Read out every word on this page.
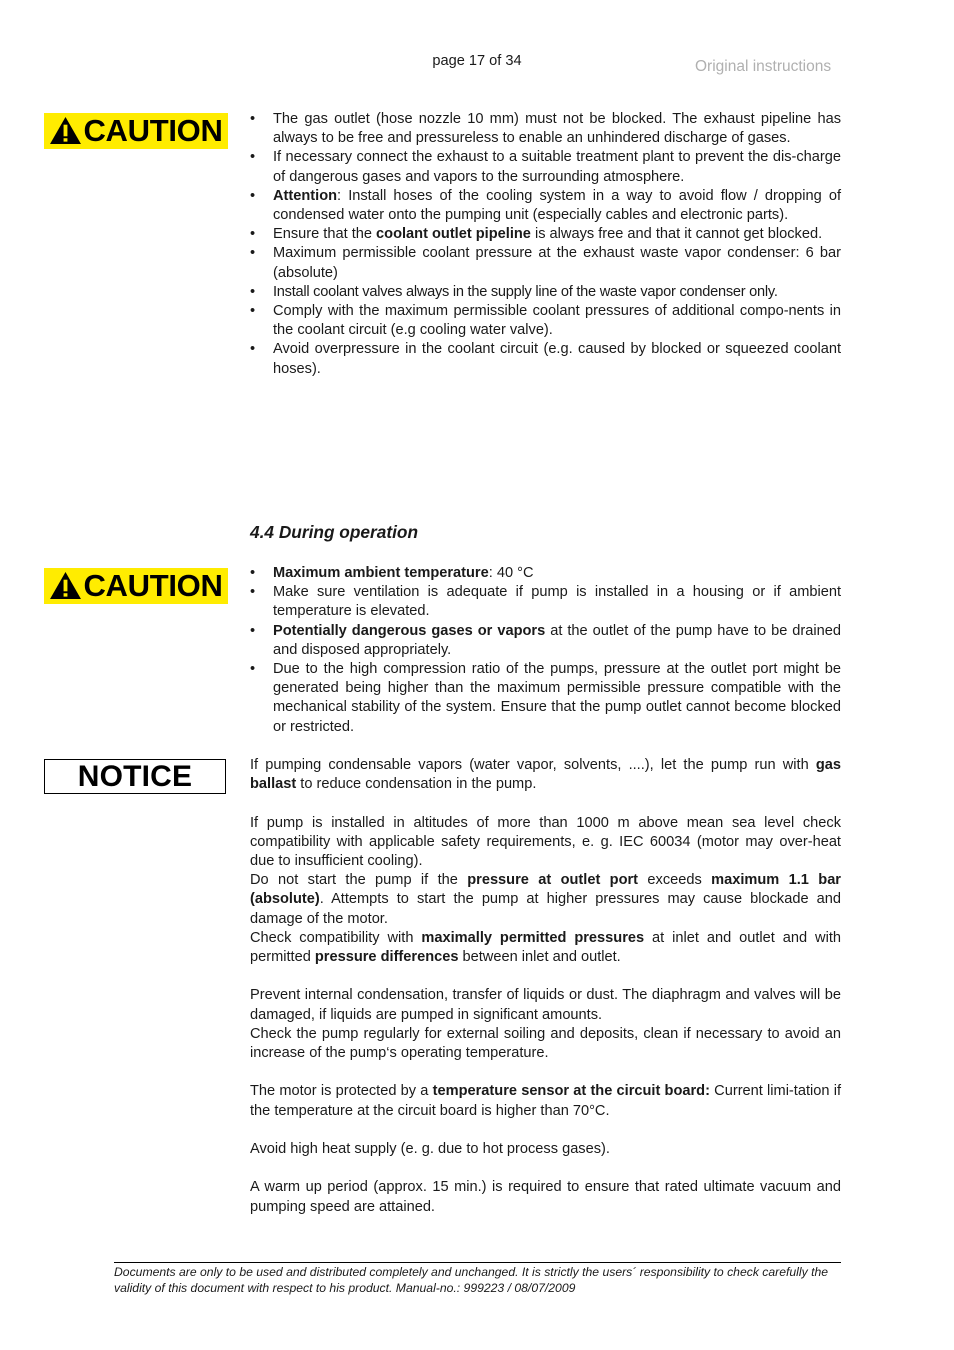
page 17 of 34	Original instructions
CAUTION	• The gas outlet (hose nozzle 10 mm) must not be blocked. The exhaust pipeline has always to be free and pressureless to enable an unhindered discharge of gases.
• If necessary connect the exhaust to a suitable treatment plant to prevent the dis-charge of dangerous gases and vapors to the surrounding atmosphere.
• Attention: Install hoses of the cooling system in a way to avoid flow / dropping of condensed water onto the pumping unit (especially cables and electronic parts).
• Ensure that the coolant outlet pipeline is always free and that it cannot get blocked.
• Maximum permissible coolant pressure at the exhaust waste vapor condenser: 6 bar (absolute)
• Install coolant valves always in the supply line of the waste vapor condenser only.
• Comply with the maximum permissible coolant pressures of additional compo-nents in the coolant circuit (e.g cooling water valve).
• Avoid overpressure in the coolant circuit (e.g. caused by blocked or squeezed coolant hoses).
4.4 During operation
CAUTION	• Maximum ambient temperature: 40 °C
• Make sure ventilation is adequate if pump is installed in a housing or if ambient temperature is elevated.
• Potentially dangerous gases or vapors at the outlet of the pump have to be drained and disposed appropriately.
• Due to the high compression ratio of the pumps, pressure at the outlet port might be generated being higher than the maximum permissible pressure compatible with the mechanical stability of the system. Ensure that the pump outlet cannot become blocked or restricted.
NOTICE	If pumping condensable vapors (water vapor, solvents, ....), let the pump run with gas ballast to reduce condensation in the pump.

If pump is installed in altitudes of more than 1000 m above mean sea level check compatibility with applicable safety requirements, e. g. IEC 60034 (motor may over-heat due to insufficient cooling).

Do not start the pump if the pressure at outlet port exceeds maximum 1.1 bar (absolute). Attempts to start the pump at higher pressures may cause blockade and damage of the motor.

Check compatibility with maximally permitted pressures at inlet and outlet and with permitted pressure differences between inlet and outlet.

Prevent internal condensation, transfer of liquids or dust. The diaphragm and valves will be damaged, if liquids are pumped in significant amounts.

Check the pump regularly for external soiling and deposits, clean if necessary to avoid an increase of the pump‘s operating temperature.

The motor is protected by a temperature sensor at the circuit board: Current limi-tation if the temperature at the circuit board is higher than 70°C.

Avoid high heat supply (e. g. due to hot process gases).

A warm up period (approx. 15 min.) is required to ensure that rated ultimate vacuum and pumping speed are attained.

Documents are only to be used and distributed completely and unchanged. It is strictly the users´ responsibility to check carefully the validity of this document with respect to his product. Manual-no.: 999223 / 08/07/2009
